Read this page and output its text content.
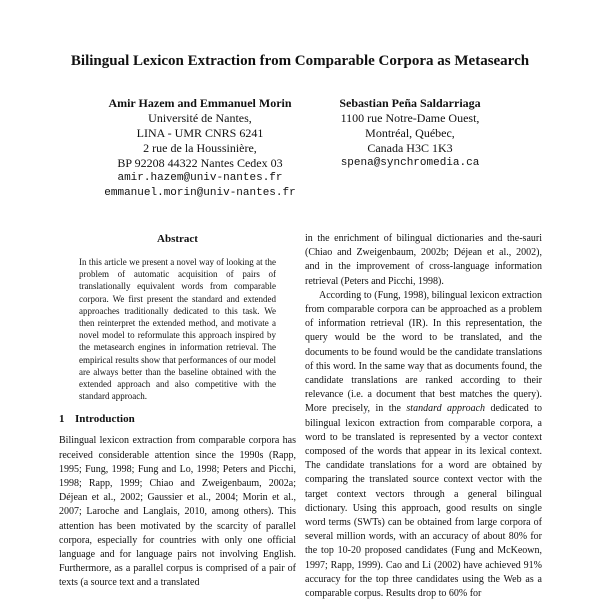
Bilingual Lexicon Extraction from Comparable Corpora as Metasearch
Amir Hazem and Emmanuel Morin
Université de Nantes,
LINA - UMR CNRS 6241
2 rue de la Houssinière,
BP 92208 44322 Nantes Cedex 03
amir.hazem@univ-nantes.fr
emmanuel.morin@univ-nantes.fr
Sebastian Peña Saldarriaga
1100 rue Notre-Dame Ouest,
Montréal, Québec,
Canada H3C 1K3
spena@synchromedia.ca
Abstract

In this article we present a novel way of looking at the problem of automatic acquisition of pairs of translationally equivalent words from comparable corpora. We first present the standard and extended approaches traditionally dedicated to this task. We then reinterpret the extended method, and motivate a novel model to reformulate this approach inspired by the metasearch engines in information retrieval. The empirical results show that performances of our model are always better than the baseline obtained with the extended approach and also competitive with the standard approach.

1 Introduction

Bilingual lexicon extraction from comparable corpora has received considerable attention since the 1990s (Rapp, 1995; Fung, 1998; Fung and Lo, 1998; Peters and Picchi, 1998; Rapp, 1999; Chiao and Zweigenbaum, 2002a; Déjean et al., 2002; Gaussier et al., 2004; Morin et al., 2007; Laroche and Langlais, 2010, among others). This attention has been motivated by the scarcity of parallel corpora, especially for countries with only one official language and for language pairs not involving English. Furthermore, as a parallel corpus is comprised of a pair of texts (a source text and a translated

in the enrichment of bilingual dictionaries and the-sauri (Chiao and Zweigenbaum, 2002b; Déjean et al., 2002), and in the improvement of cross-language information retrieval (Peters and Picchi, 1998).

According to (Fung, 1998), bilingual lexicon extraction from comparable corpora can be approached as a problem of information retrieval (IR). In this representation, the query would be the word to be translated, and the documents to be found would be the candidate translations of this word. In the same way that as documents found, the candidate translations are ranked according to their relevance (i.e. a document that best matches the query). More precisely, in the standard approach dedicated to bilingual lexicon extraction from comparable corpora, a word to be translated is represented by a vector context composed of the words that appear in its lexical context. The candidate translations for a word are obtained by comparing the translated source context vector with the target context vectors through a general bilingual dictionary. Using this approach, good results on single word terms (SWTs) can be obtained from large corpora of several million words, with an accuracy of about 80% for the top 10-20 proposed candidates (Fung and McKeown, 1997; Rapp, 1999). Cao and Li (2002) have achieved 91% accuracy for the top three candidates using the Web as a comparable corpus. Results drop to 60% for
